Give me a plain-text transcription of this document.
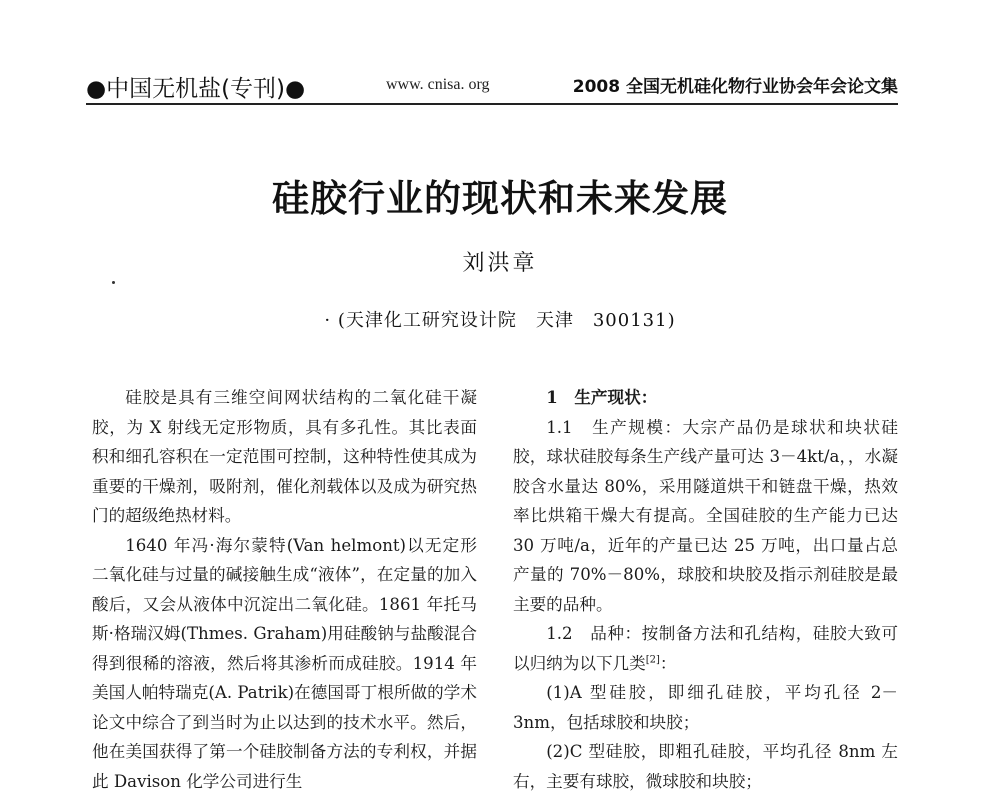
●中国无机盐(专刊)●	www. cnisa. org	2008 全国无机硅化物行业协会年会论文集
硅胶行业的现状和未来发展
刘洪章
· (天津化工研究设计院　天津　300131)

硅胶是具有三维空间网状结构的二氧化硅干凝胶，为 X 射线无定形物质，具有多孔性。其比表面积和细孔容积在一定范围可控制，这种特性使其成为重要的干燥剂，吸附剂，催化剂载体以及成为研究热门的超级绝热材料。

1640 年冯·海尔蒙特(Van helmont)以无定形二氧化硅与过量的碱接触生成“液体”，在定量的加入酸后，又会从液体中沉淀出二氧化硅。1861 年托马斯·格瑞汉姆(Thmes. Graham)用硅酸钠与盐酸混合得到很稀的溶液，然后将其渗析而成硅胶。1914 年美国人帕特瑞克(A. Patrik)在德国哥丁根所做的学术论文中综合了到当时为止以达到的技术水平。然后，他在美国获得了第一个硅胶制备方法的专利权，并据此 Davison 化学公司进行生

1　生产现状：

1.1　生产规模：大宗产品仍是球状和块状硅胶，球状硅胶每条生产线产量可达 3－4kt/a，，水凝胶含水量达 80%，采用隧道烘干和链盘干燥，热效率比烘箱干燥大有提高。全国硅胶的生产能力已达 30 万吨/a，近年的产量已达 25 万吨，出口量占总产量的 70%－80%，球胶和块胶及指示剂硅胶是最主要的品种。

1.2　品种：按制备方法和孔结构，硅胶大致可以归纳为以下几类[2]：

(1)A 型硅胶，即细孔硅胶，平均孔径 2－3nm，包括球胶和块胶；

(2)C 型硅胶，即粗孔硅胶，平均孔径 8nm 左右，主要有球胶，微球胶和块胶；
